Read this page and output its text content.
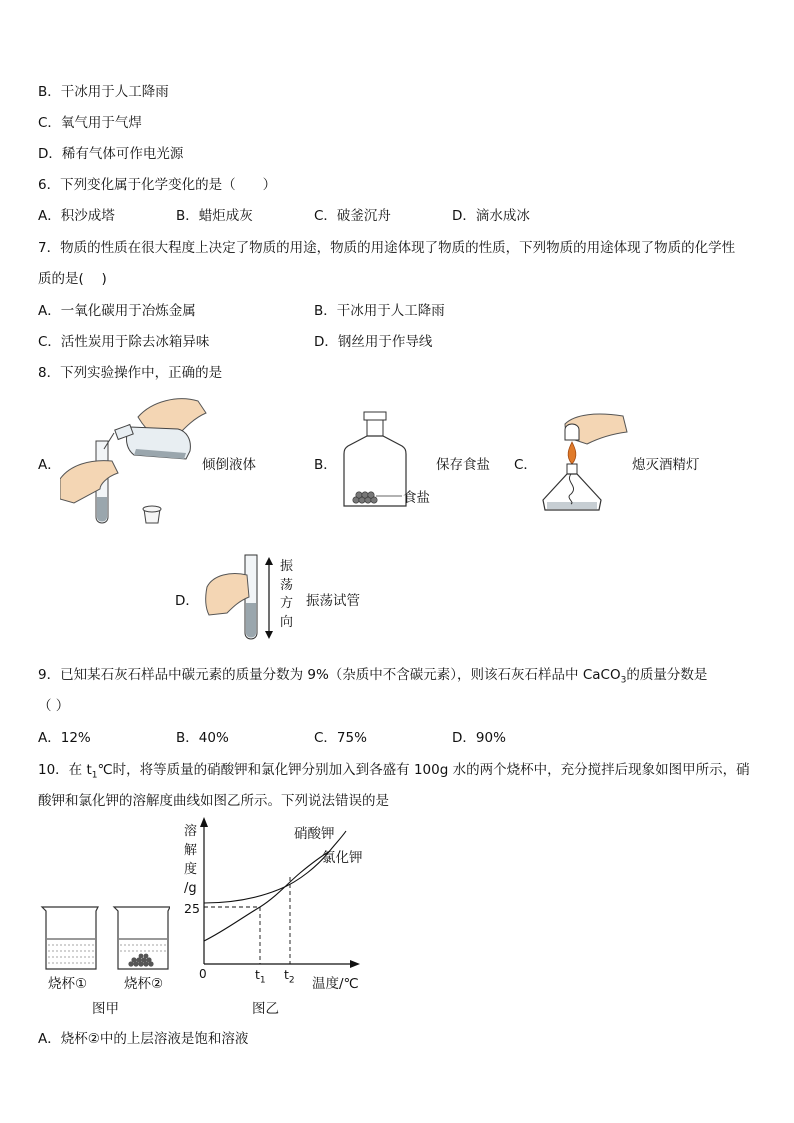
B．干冰用于人工降雨
C．氧气用于气焊
D．稀有气体可作电光源
6．下列变化属于化学变化的是（　　）
A．积沙成塔	B．蜡炬成灰	C．破釜沉舟	D．滴水成冰
7．物质的性质在很大程度上决定了物质的用途，物质的用途体现了物质的性质，下列物质的用途体现了物质的化学性
质的是(　 )
A．一氧化碳用于冶炼金属	B．干冰用于人工降雨
C．活性炭用于除去冰箱异味	D．钢丝用于作导线
8．下列实验操作中，正确的是
A．	倾倒液体	B．
食盐
保存食盐 C．	熄灭酒精灯
D．
振
荡
方
向
振荡试管
9．已知某石灰石样品中碳元素的质量分数为 9%（杂质中不含碳元素），则该石灰石样品中 CaCO$_3$的质量分数是
（ ）
A．12%	B．40%	C．75%	D．90%
10．在 $t_1℃$时，将等质量的硝酸钾和氯化钾分别加入到各盛有 100g 水的两个烧杯中，充分搅拌后现象如图甲所示，硝
酸钾和氯化钾的溶解度曲线如图乙所示。下列说法错误的是
烧杯①	烧杯②
图甲
溶
解
度
/g
25
0	$t_1$ $t_2$ 温度/℃
硝酸钾
氯化钾
图乙
A．烧杯②中的上层溶液是饱和溶液
